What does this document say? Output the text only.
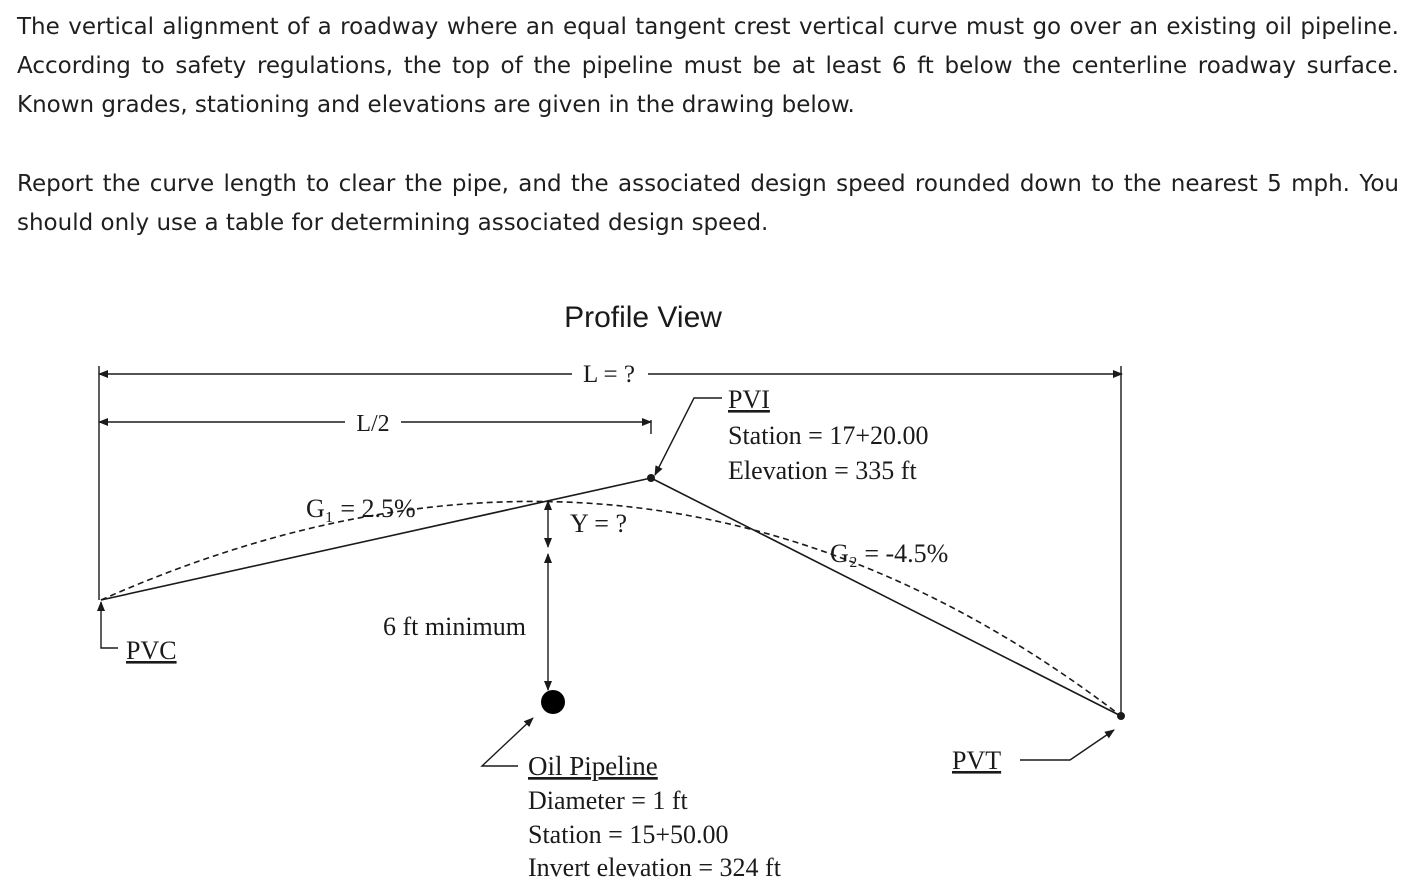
The vertical alignment of a roadway where an equal tangent crest vertical curve must go over an existing oil pipeline. According to safety regulations, the top of the pipeline must be at least 6 ft below the centerline roadway surface. Known grades, stationing and elevations are given in the drawing below.

Report the curve length to clear the pipe, and the associated design speed rounded down to the nearest 5 mph. You should only use a table for determining associated design speed.

Profile View
L = ?
L/2
PVI
Station = 17+20.00
Elevation = 335 ft
G₁ = 2.5%
G₂ = -4.5%
Y = ?
6 ft minimum
PVC
PVT
Oil Pipeline
Diameter = 1 ft
Station = 15+50.00
Invert elevation = 324 ft
